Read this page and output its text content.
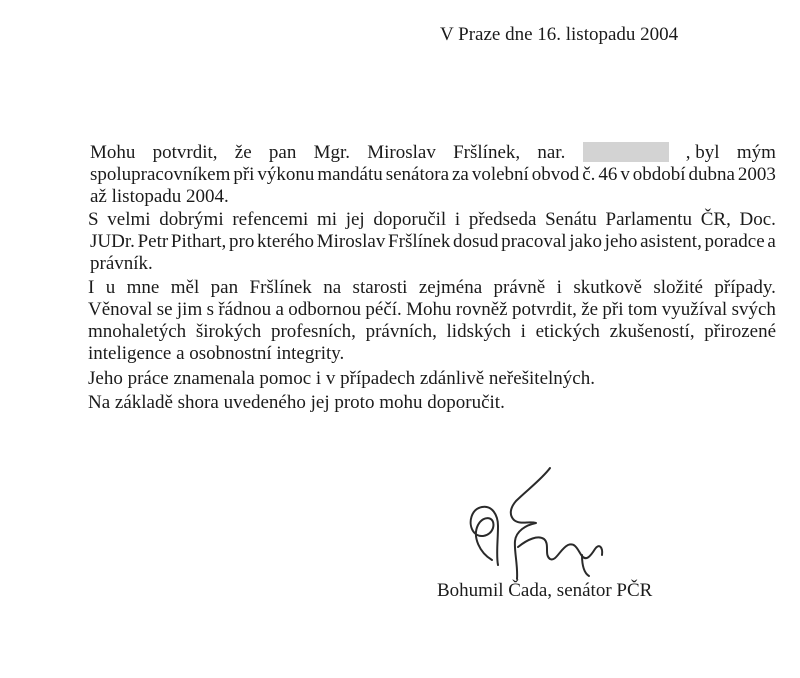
V Praze dne 16. listopadu 2004
Mohu potvrdit, že pan Mgr. Miroslav Fršlínek, nar.	, byl mým
spolupracovníkem při výkonu mandátu senátora za volební obvod č. 46 v období dubna 2003
až listopadu 2004.
S velmi dobrými refencemi mi jej doporučil i předseda Senátu Parlamentu ČR, Doc.
JUDr. Petr Pithart, pro kterého Miroslav Fršlínek dosud pracoval jako jeho asistent, poradce a
právník.
I u mne měl pan Fršlínek na starosti zejména právně i skutkově složité případy.
Věnoval se jim s řádnou a odbornou péčí. Mohu rovněž potvrdit, že při tom využíval svých
mnohaletých širokých profesních, právních, lidských i etických zkušeností, přirozené
inteligence a osobnostní integrity.
Jeho práce znamenala pomoc i v případech zdánlivě neřešitelných.
Na základě shora uvedeného jej proto mohu doporučit.
Bohumil Čada, senátor PČR
